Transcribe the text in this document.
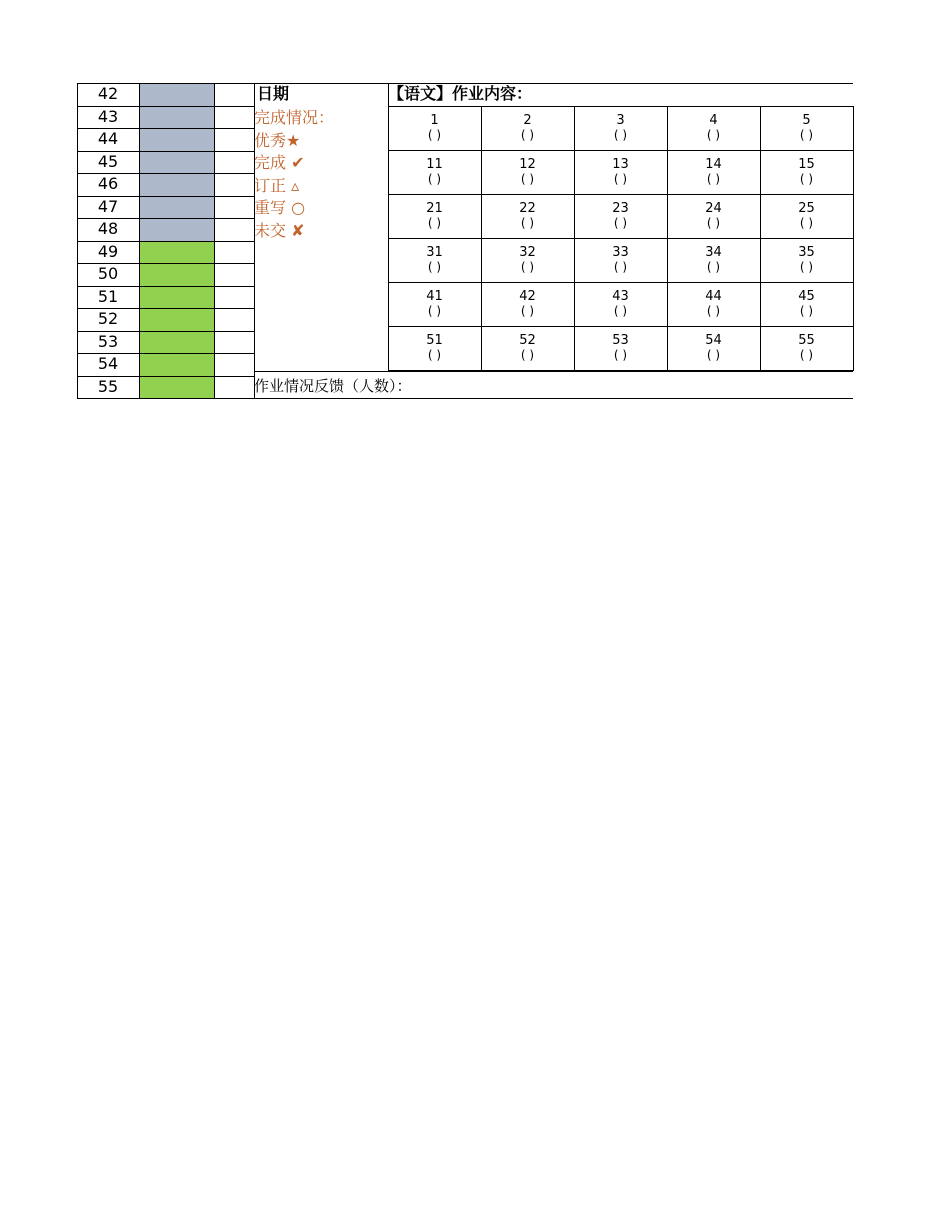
42
43
44
45
46
47
48
49
50
51
52
53
54
55
日期	【语文】作业内容：
完成情况：
优秀★
完成 ✔
订正 ▵
重写 ○
未交 ✘
1
( )
2
( )
3
( )
4
( )
5
( )
11
( )
12
( )
13
( )
14
( )
15
( )
21
( )
22
( )
23
( )
24
( )
25
( )
31
( )
32
( )
33
( )
34
( )
35
( )
41
( )
42
( )
43
( )
44
( )
45
( )
51
( )
52
( )
53
( )
54
( )
55
( )
作业情况反馈（人数）：
